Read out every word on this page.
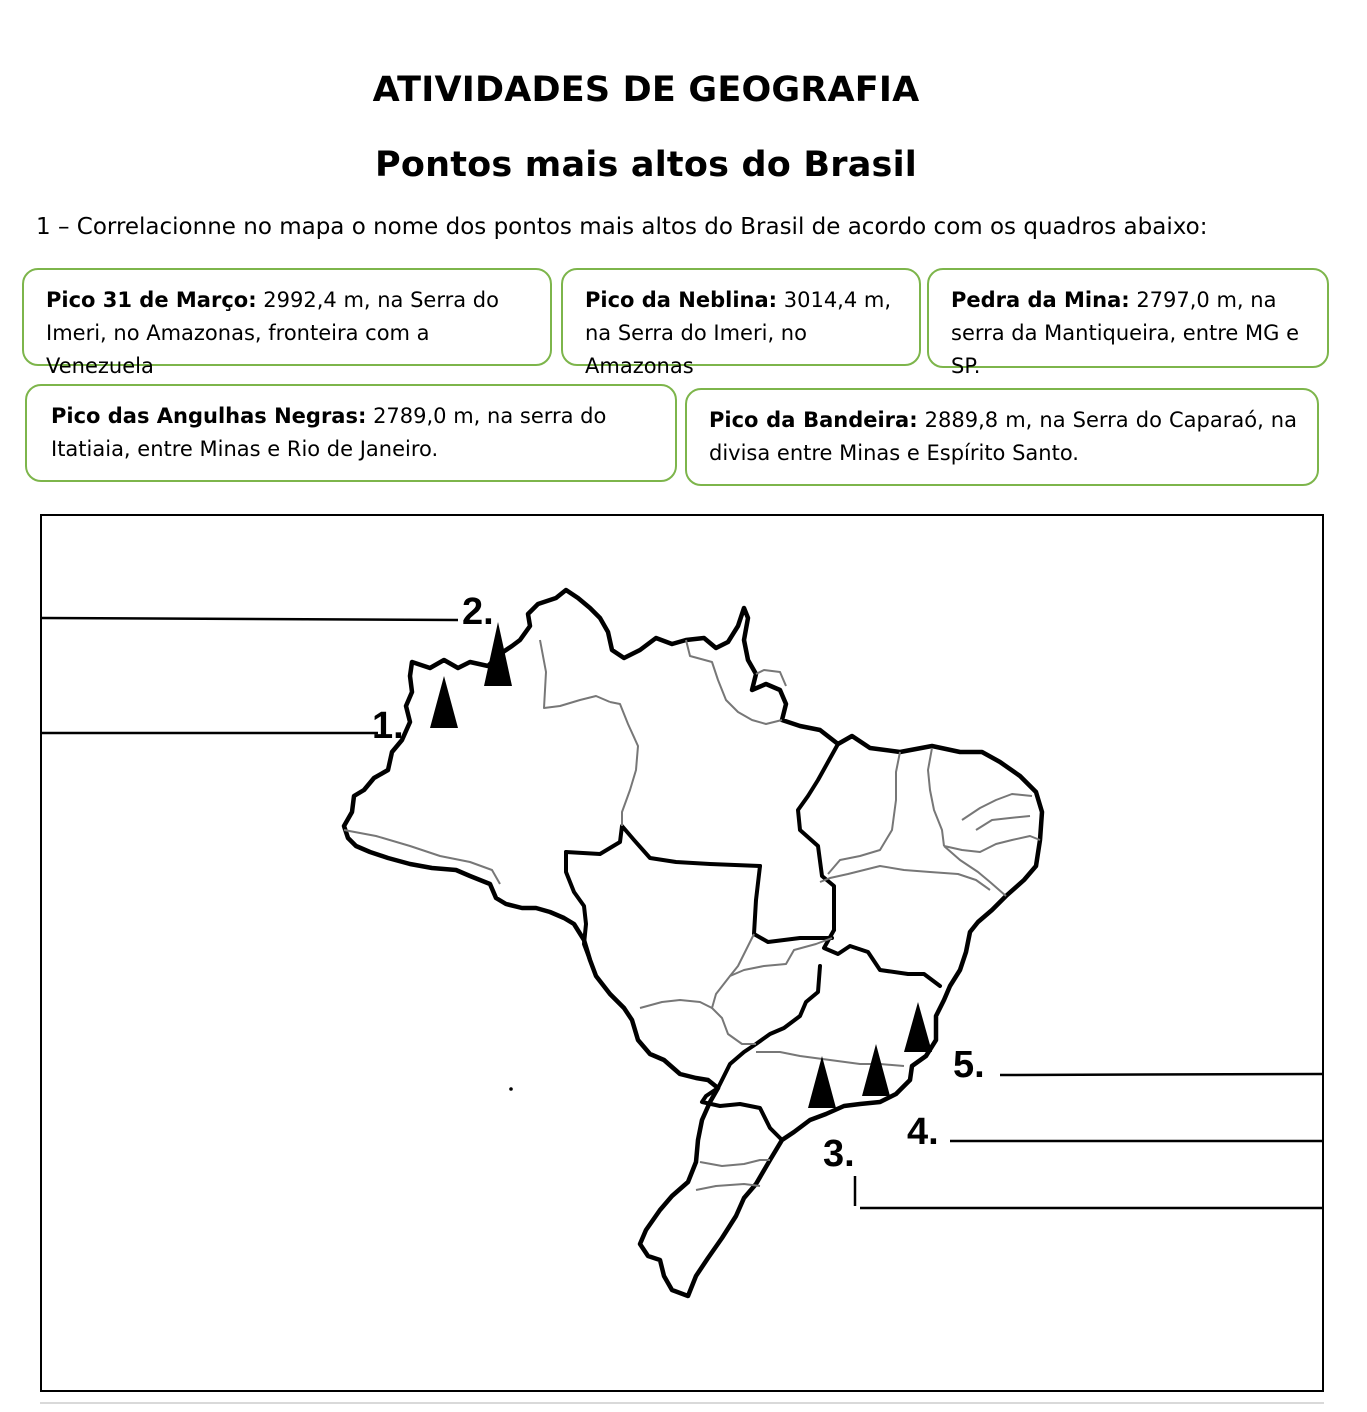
ATIVIDADES DE GEOGRAFIA
Pontos mais altos do Brasil
1 – Correlacionne no mapa o nome dos pontos mais altos do Brasil de acordo com os quadros abaixo:
Pico 31 de Março: 2992,4 m, na Serra do Imeri, no Amazonas, fronteira com a Venezuela
Pico da Neblina: 3014,4 m, na Serra do Imeri, no Amazonas
Pedra da Mina: 2797,0 m, na serra da Mantiqueira, entre MG e SP.
Pico das Angulhas Negras: 2789,0 m, na serra do Itatiaia, entre Minas e Rio de Janeiro.
Pico da Bandeira: 2889,8 m, na Serra do Caparaó, na divisa entre Minas e Espírito Santo.
1.
2.
3.
4.
5.
